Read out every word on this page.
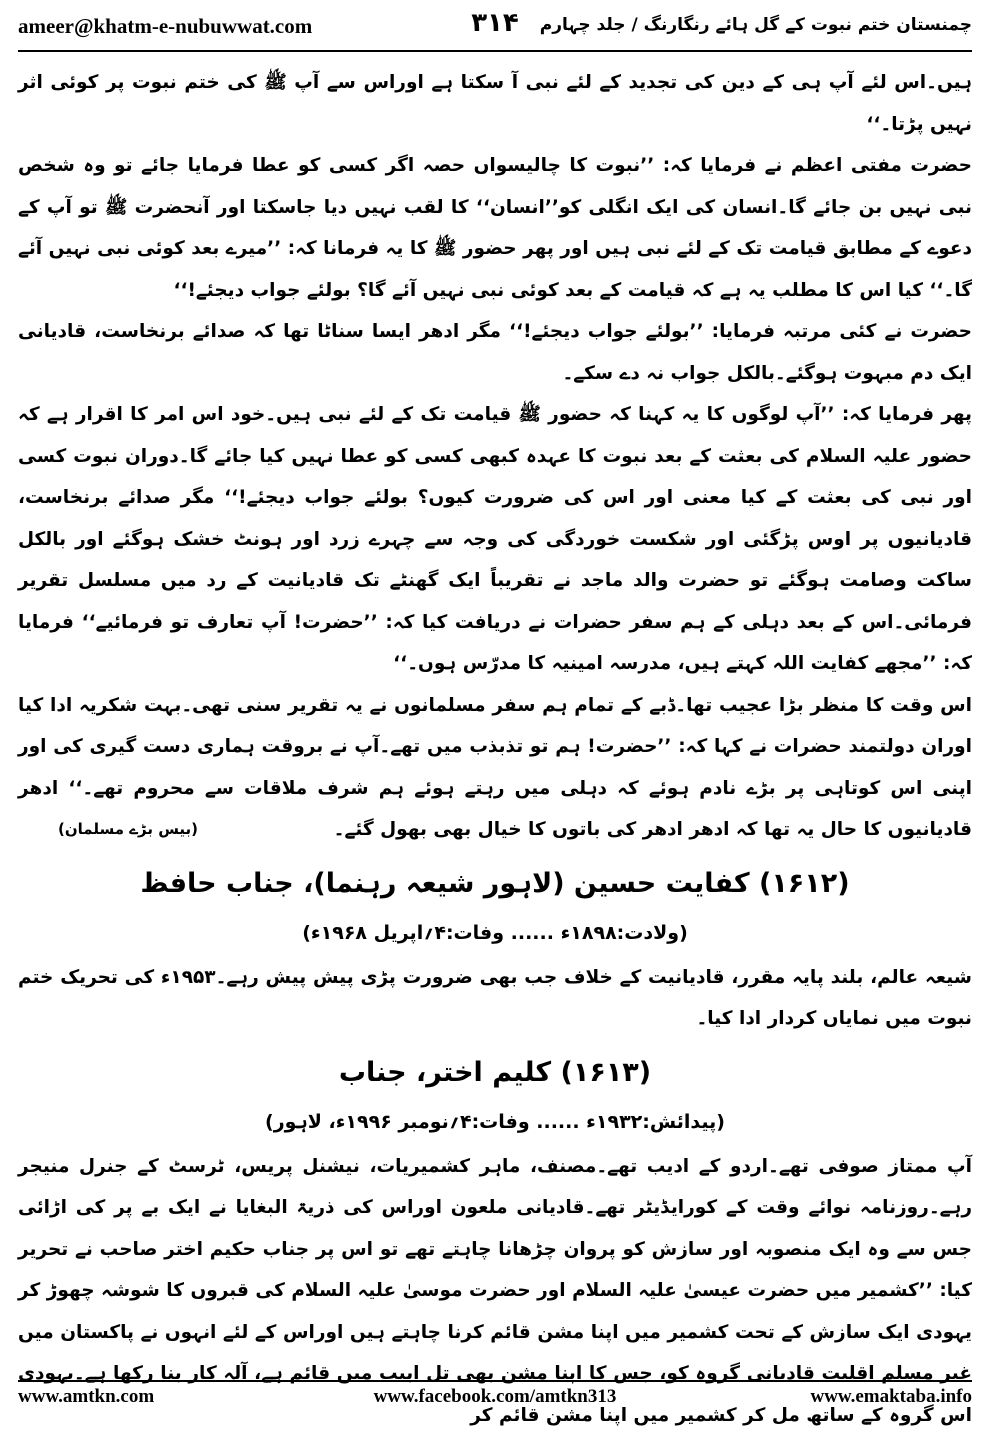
ameer@khatm-e-nubuwwat.com	۳۱۴	چمنستان ختم نبوت کے گل ہائے رنگارنگ / جلد چہارم

ہیں۔اس لئے آپ ہی کے دین کی تجدید کے لئے نبی آ سکتا ہے اوراس سے آپ ﷺ کی ختم نبوت پر کوئی اثر نہیں پڑتا۔‘‘

حضرت مفتی اعظم نے فرمایا کہ: ’’نبوت کا چالیسواں حصہ اگر کسی کو عطا فرمایا جائے تو وہ شخص نبی نہیں بن جائے گا۔انسان کی ایک انگلی کو’’انسان‘‘ کا لقب نہیں دیا جاسکتا اور آنحضرت ﷺ تو آپ کے دعوے کے مطابق قیامت تک کے لئے نبی ہیں اور پھر حضور ﷺ کا یہ فرمانا کہ: ’’میرے بعد کوئی نبی نہیں آئے گا۔‘‘ کیا اس کا مطلب یہ ہے کہ قیامت کے بعد کوئی نبی نہیں آئے گا؟ بولئے جواب دیجئے!‘‘

حضرت نے کئی مرتبہ فرمایا: ’’بولئے جواب دیجئے!‘‘ مگر ادھر ایسا سناٹا تھا کہ صدائے برنخاست، قادیانی ایک دم مبہوت ہوگئے۔بالکل جواب نہ دے سکے۔

پھر فرمایا کہ: ’’آپ لوگوں کا یہ کہنا کہ حضور ﷺ قیامت تک کے لئے نبی ہیں۔خود اس امر کا اقرار ہے کہ حضور علیہ السلام کی بعثت کے بعد نبوت کا عہدہ کبھی کسی کو عطا نہیں کیا جائے گا۔دوران نبوت کسی اور نبی کی بعثت کے کیا معنی اور اس کی ضرورت کیوں؟ بولئے جواب دیجئے!‘‘ مگر صدائے برنخاست، قادیانیوں پر اوس پڑگئی اور شکست خوردگی کی وجہ سے چہرے زرد اور ہونٹ خشک ہوگئے اور بالکل ساکت وصامت ہوگئے تو حضرت والد ماجد نے تقریباً ایک گھنٹے تک قادیانیت کے رد میں مسلسل تقریر فرمائی۔اس کے بعد دہلی کے ہم سفر حضرات نے دریافت کیا کہ: ’’حضرت! آپ تعارف تو فرمائیے‘‘ فرمایا کہ: ’’مجھے کفایت اللہ کہتے ہیں، مدرسہ امینیہ کا مدرّس ہوں۔‘‘

اس وقت کا منظر بڑا عجیب تھا۔ڈبے کے تمام ہم سفر مسلمانوں نے یہ تقریر سنی تھی۔بہت شکریہ ادا کیا اوران دولتمند حضرات نے کہا کہ: ’’حضرت! ہم تو تذبذب میں تھے۔آپ نے بروقت ہماری دست گیری کی اور اپنی اس کوتاہی پر بڑے نادم ہوئے کہ دہلی میں رہتے ہوئے ہم شرف ملاقات سے محروم تھے۔‘‘ ادھر قادیانیوں کا حال یہ تھا کہ ادھر ادھر کی باتوں کا خیال بھی بھول گئے۔
(بیس بڑے مسلمان)

(۱۶۱۲) کفایت حسین (لاہور شیعہ رہنما)، جناب حافظ
(ولادت:۱۸۹۸ء ...... وفات:۴؍اپریل ۱۹۶۸ء)

شیعہ عالم، بلند پایہ مقرر، قادیانیت کے خلاف جب بھی ضرورت پڑی پیش پیش رہے۔۱۹۵۳ء کی تحریک ختم نبوت میں نمایاں کردار ادا کیا۔

(۱۶۱۳) کلیم اختر، جناب
(پیدائش:۱۹۳۲ء ...... وفات:۴؍نومبر ۱۹۹۶ء، لاہور)

آپ ممتاز صوفی تھے۔اردو کے ادیب تھے۔مصنف، ماہر کشمیریات، نیشنل پریس، ٹرسٹ کے جنرل منیجر رہے۔روزنامہ نوائے وقت کے کورایڈیٹر تھے۔قادیانی ملعون اوراس کی ذریۃ البغایا نے ایک بے پر کی اڑائی جس سے وہ ایک منصوبہ اور سازش کو پروان چڑھانا چاہتے تھے تو اس پر جناب حکیم اختر صاحب نے تحریر کیا: ’’کشمیر میں حضرت عیسیٰ علیہ السلام اور حضرت موسیٰ علیہ السلام کی قبروں کا شوشہ چھوڑ کر یہودی ایک سازش کے تحت کشمیر میں اپنا مشن قائم کرنا چاہتے ہیں اوراس کے لئے انہوں نے پاکستان میں غیر مسلم اقلیت قادیانی گروہ کو، جس کا اپنا مشن بھی تل ابیب میں قائم ہے، آلہ کار بنا رکھا ہے۔یہودی اس گروہ کے ساتھ مل کر کشمیر میں اپنا مشن قائم کر

www.amtkn.com	www.facebook.com/amtkn313	www.emaktaba.info
